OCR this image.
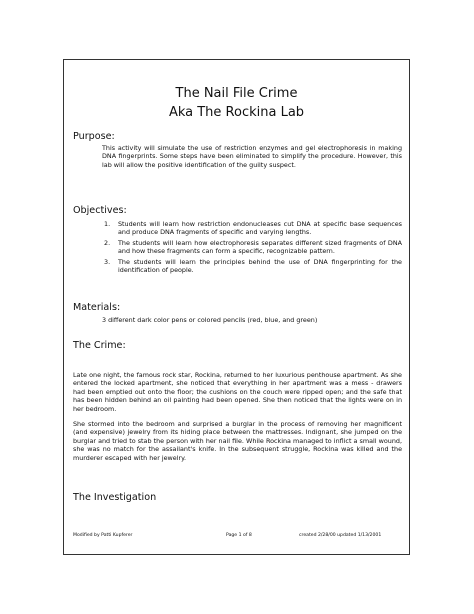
The Nail File Crime
Aka The Rockina Lab
Purpose:
This activity will simulate the use of restriction enzymes and gel electrophoresis in making DNA fingerprints. Some steps have been eliminated to simplify the procedure. However, this lab will allow the positive identification of the guilty suspect.
Objectives:
1. Students will learn how restriction endonucleases cut DNA at specific base sequences and produce DNA fragments of specific and varying lengths.
2. The students will learn how electrophoresis separates different sized fragments of DNA and how these fragments can form a specific, recognizable pattern.
3. The students will learn the principles behind the use of DNA fingerprinting for the identification of people.
Materials:
3 different dark color pens or colored pencils (red, blue, and green)
The Crime:
Late one night, the famous rock star, Rockina, returned to her luxurious penthouse apartment. As she entered the locked apartment, she noticed that everything in her apartment was a mess - drawers had been emptied out onto the floor; the cushions on the couch were ripped open; and the safe that has been hidden behind an oil painting had been opened. She then noticed that the lights were on in her bedroom.
She stormed into the bedroom and surprised a burglar in the process of removing her magnificent (and expensive) jewelry from its hiding place between the mattresses. Indignant, she jumped on the burglar and tried to stab the person with her nail file. While Rockina managed to inflict a small wound, she was no match for the assailant's knife. In the subsequent struggle, Rockina was killed and the murderer escaped with her jewelry.
The Investigation
Modified by Patti Kupferer	Page 1 of 8	created 2/28/00 updated 1/13/2001
